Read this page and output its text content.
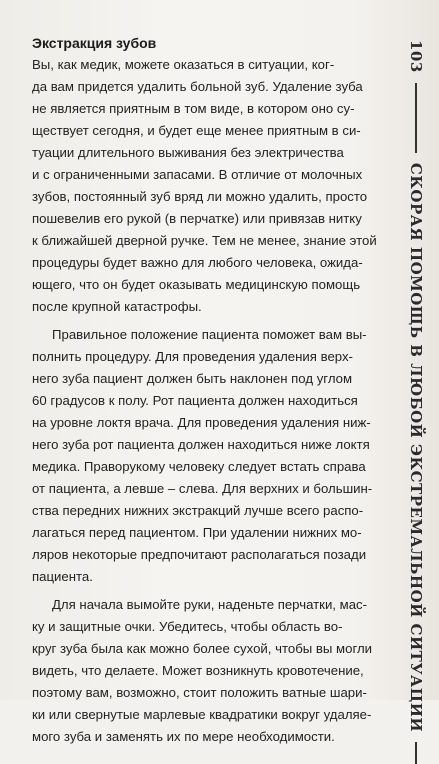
Экстракция зубов
Вы, как медик, можете оказаться в ситуации, ког-
да вам придется удалить больной зуб. Удаление зуба
не является приятным в том виде, в котором оно су-
ществует сегодня, и будет еще менее приятным в си-
туации длительного выживания без электричества
и с ограниченными запасами. В отличие от молочных
зубов, постоянный зуб вряд ли можно удалить, просто
пошевелив его рукой (в перчатке) или привязав нитку
к ближайшей дверной ручке. Тем не менее, знание этой
процедуры будет важно для любого человека, ожида-
ющего, что он будет оказывать медицинскую помощь
после крупной катастрофы.
Правильное положение пациента поможет вам вы-
полнить процедуру. Для проведения удаления верх-
него зуба пациент должен быть наклонен под углом
60 градусов к полу. Рот пациента должен находиться
на уровне локтя врача. Для проведения удаления ниж-
него зуба рот пациента должен находиться ниже локтя
медика. Праворукому человеку следует встать справа
от пациента, а левше – слева. Для верхних и большин-
ства передних нижних экстракций лучше всего распо-
лагаться перед пациентом. При удалении нижних мо-
ляров некоторые предпочитают располагаться позади
пациента.
Для начала вымойте руки, наденьте перчатки, мас-
ку и защитные очки. Убедитесь, чтобы область во-
круг зуба была как можно более сухой, чтобы вы могли
видеть, что делаете. Может возникнуть кровотечение,
поэтому вам, возможно, стоит положить ватные шари-
ки или свернутые марлевые квадратики вокруг удаляе-
мого зуба и заменять их по мере необходимости.
103
СКОРАЯ ПОМОЩЬ В ЛЮБОЙ ЭКСТРЕМАЛЬНОЙ СИТУАЦИИ
